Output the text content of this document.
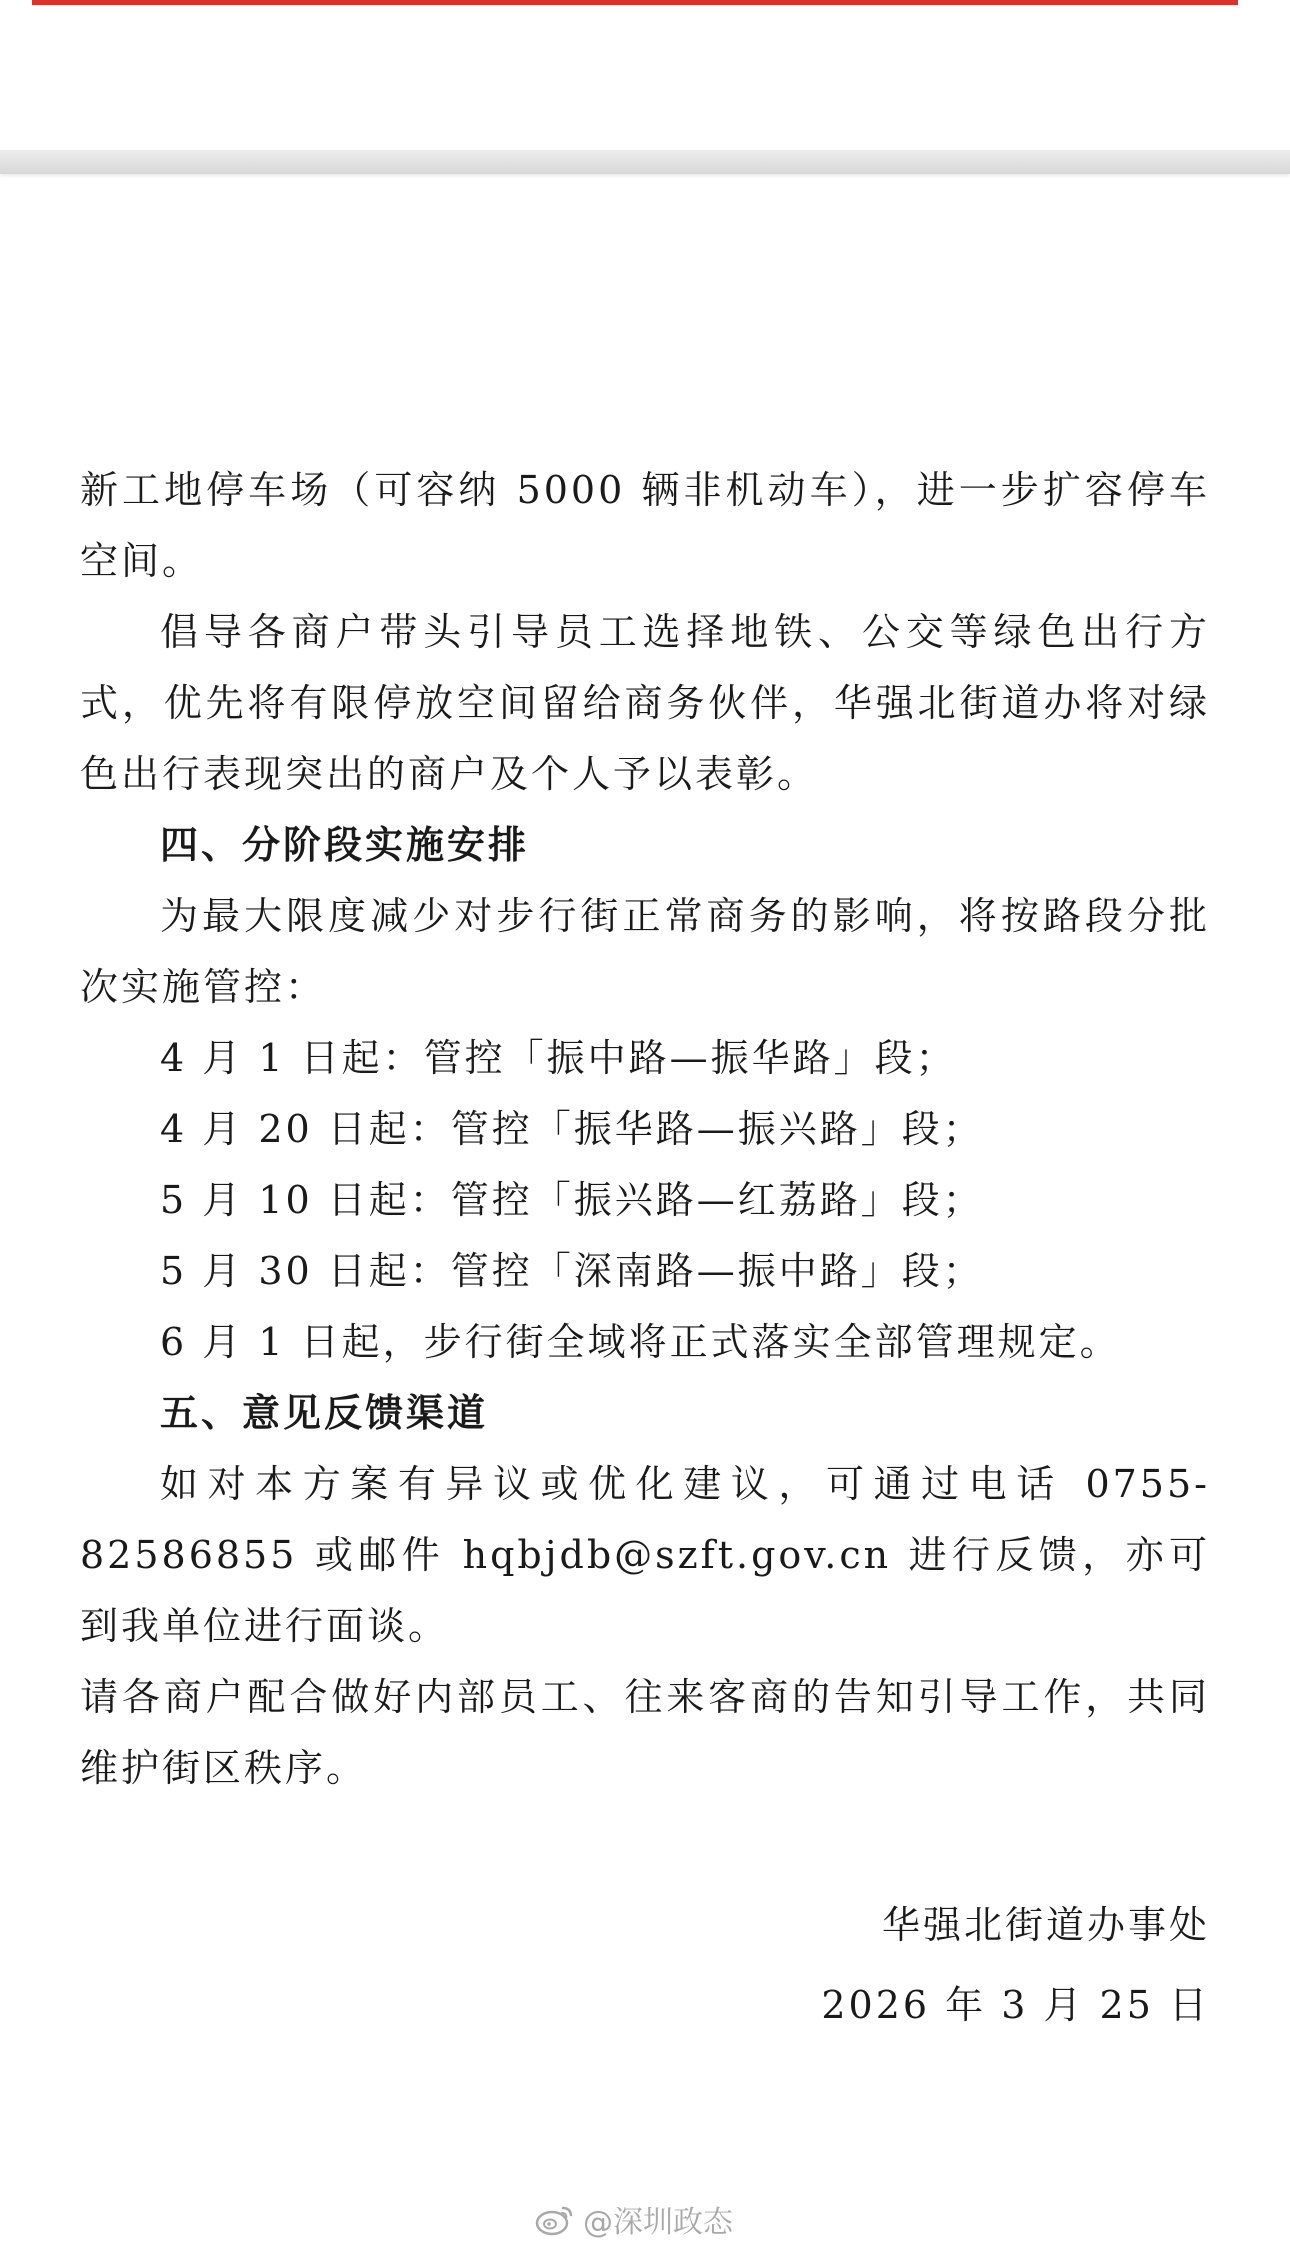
新工地停车场（可容纳 5000 辆非机动车），进一步扩容停车空间。

倡导各商户带头引导员工选择地铁、公交等绿色出行方式，优先将有限停放空间留给商务伙伴，华强北街道办将对绿色出行表现突出的商户及个人予以表彰。

四、分阶段实施安排

为最大限度减少对步行街正常商务的影响，将按路段分批次实施管控：

4 月 1 日起：管控「振中路—振华路」段；

4 月 20 日起：管控「振华路—振兴路」段；

5 月 10 日起：管控「振兴路—红荔路」段；

5 月 30 日起：管控「深南路—振中路」段；

6 月 1 日起，步行街全域将正式落实全部管理规定。

五、意见反馈渠道

如对本方案有异议或优化建议，可通过电话 0755-82586855 或邮件 hqbjdb@szft.gov.cn 进行反馈，亦可到我单位进行面谈。

请各商户配合做好内部员工、往来客商的告知引导工作，共同维护街区秩序。

华强北街道办事处
2026 年 3 月 25 日
@深圳政态
